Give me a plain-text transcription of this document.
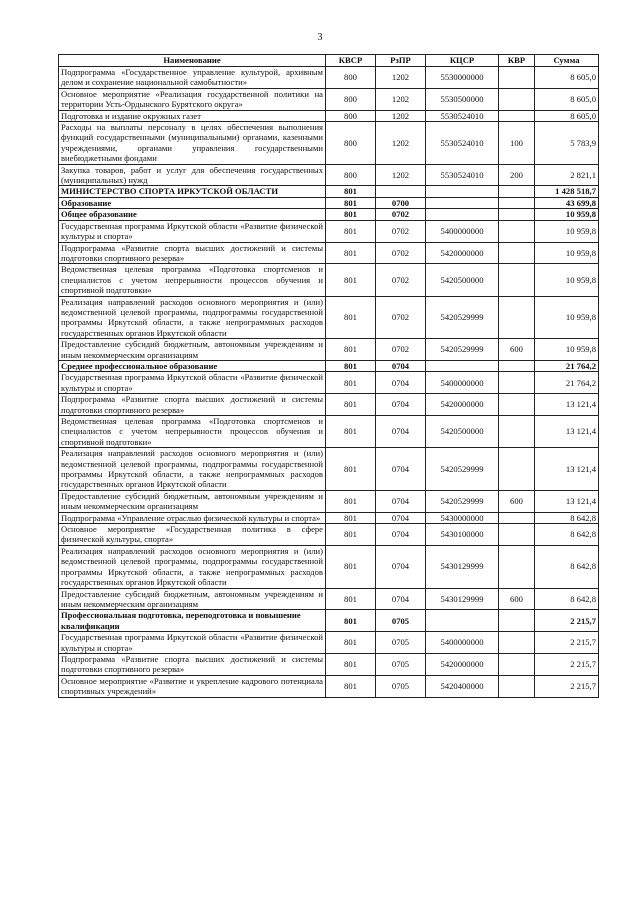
3
Наименование	КВСР	РзПР	КЦСР	КВР	Сумма
Подпрограмма «Государственное управление культурой, архивным делом и сохранение национальной самобытности»	800	1202	5530000000		8 605,0
Основное мероприятие «Реализация государственной политики на территории Усть-Ордынского Бурятского округа»	800	1202	5530500000		8 605,0
Подготовка и издание окружных газет	800	1202	5530524010		8 605,0
Расходы на выплаты персоналу в целях обеспечения выполнения функций государственными (муниципальными) органами, казенными учреждениями, органами управления государственными внебюджетными фондами	800	1202	5530524010	100	5 783,9
Закупка товаров, работ и услуг для обеспечения государственных (муниципальных) нужд	800	1202	5530524010	200	2 821,1
МИНИСТЕРСТВО СПОРТА ИРКУТСКОЙ ОБЛАСТИ	801				1 428 518,7
Образование	801	0700			43 699,8
Общее образование	801	0702			10 959,8
Государственная программа Иркутской области «Развитие физической культуры и спорта»	801	0702	5400000000		10 959,8
Подпрограмма «Развитие спорта высших достижений и системы подготовки спортивного резерва»	801	0702	5420000000		10 959,8
Ведомственная целевая программа «Подготовка спортсменов и специалистов с учетом непрерывности процессов обучения и спортивной подготовки»	801	0702	5420500000		10 959,8
Реализация направлений расходов основного мероприятия и (или) ведомственной целевой программы, подпрограммы государственной программы Иркутской области, а также непрограммных расходов государственных органов Иркутской области	801	0702	5420529999		10 959,8
Предоставление субсидий бюджетным, автономным учреждениям и иным некоммерческим организациям	801	0702	5420529999	600	10 959,8
Среднее профессиональное образование	801	0704			21 764,2
Государственная программа Иркутской области «Развитие физической культуры и спорта»	801	0704	5400000000		21 764,2
Подпрограмма «Развитие спорта высших достижений и системы подготовки спортивного резерва»	801	0704	5420000000		13 121,4
Ведомственная целевая программа «Подготовка спортсменов и специалистов с учетом непрерывности процессов обучения и спортивной подготовки»	801	0704	5420500000		13 121,4
Реализация направлений расходов основного мероприятия и (или) ведомственной целевой программы, подпрограммы государственной программы Иркутской области, а также непрограммных расходов государственных органов Иркутской области	801	0704	5420529999		13 121,4
Предоставление субсидий бюджетным, автономным учреждениям и иным некоммерческим организациям	801	0704	5420529999	600	13 121,4
Подпрограмма «Управление отраслью физической культуры и спорта»	801	0704	5430000000		8 642,8
Основное мероприятие «Государственная политика в сфере физической культуры, спорта»	801	0704	5430100000		8 642,8
Реализация направлений расходов основного мероприятия и (или) ведомственной целевой программы, подпрограммы государственной программы Иркутской области, а также непрограммных расходов государственных органов Иркутской области	801	0704	5430129999		8 642,8
Предоставление субсидий бюджетным, автономным учреждениям и иным некоммерческим организациям	801	0704	5430129999	600	8 642,8
Профессиональная подготовка, переподготовка и повышение квалификации	801	0705			2 215,7
Государственная программа Иркутской области «Развитие физической культуры и спорта»	801	0705	5400000000		2 215,7
Подпрограмма «Развитие спорта высших достижений и системы подготовки спортивного резерва»	801	0705	5420000000		2 215,7
Основное мероприятие «Развитие и укрепление кадрового потенциала спортивных учреждений»	801	0705	5420400000		2 215,7
